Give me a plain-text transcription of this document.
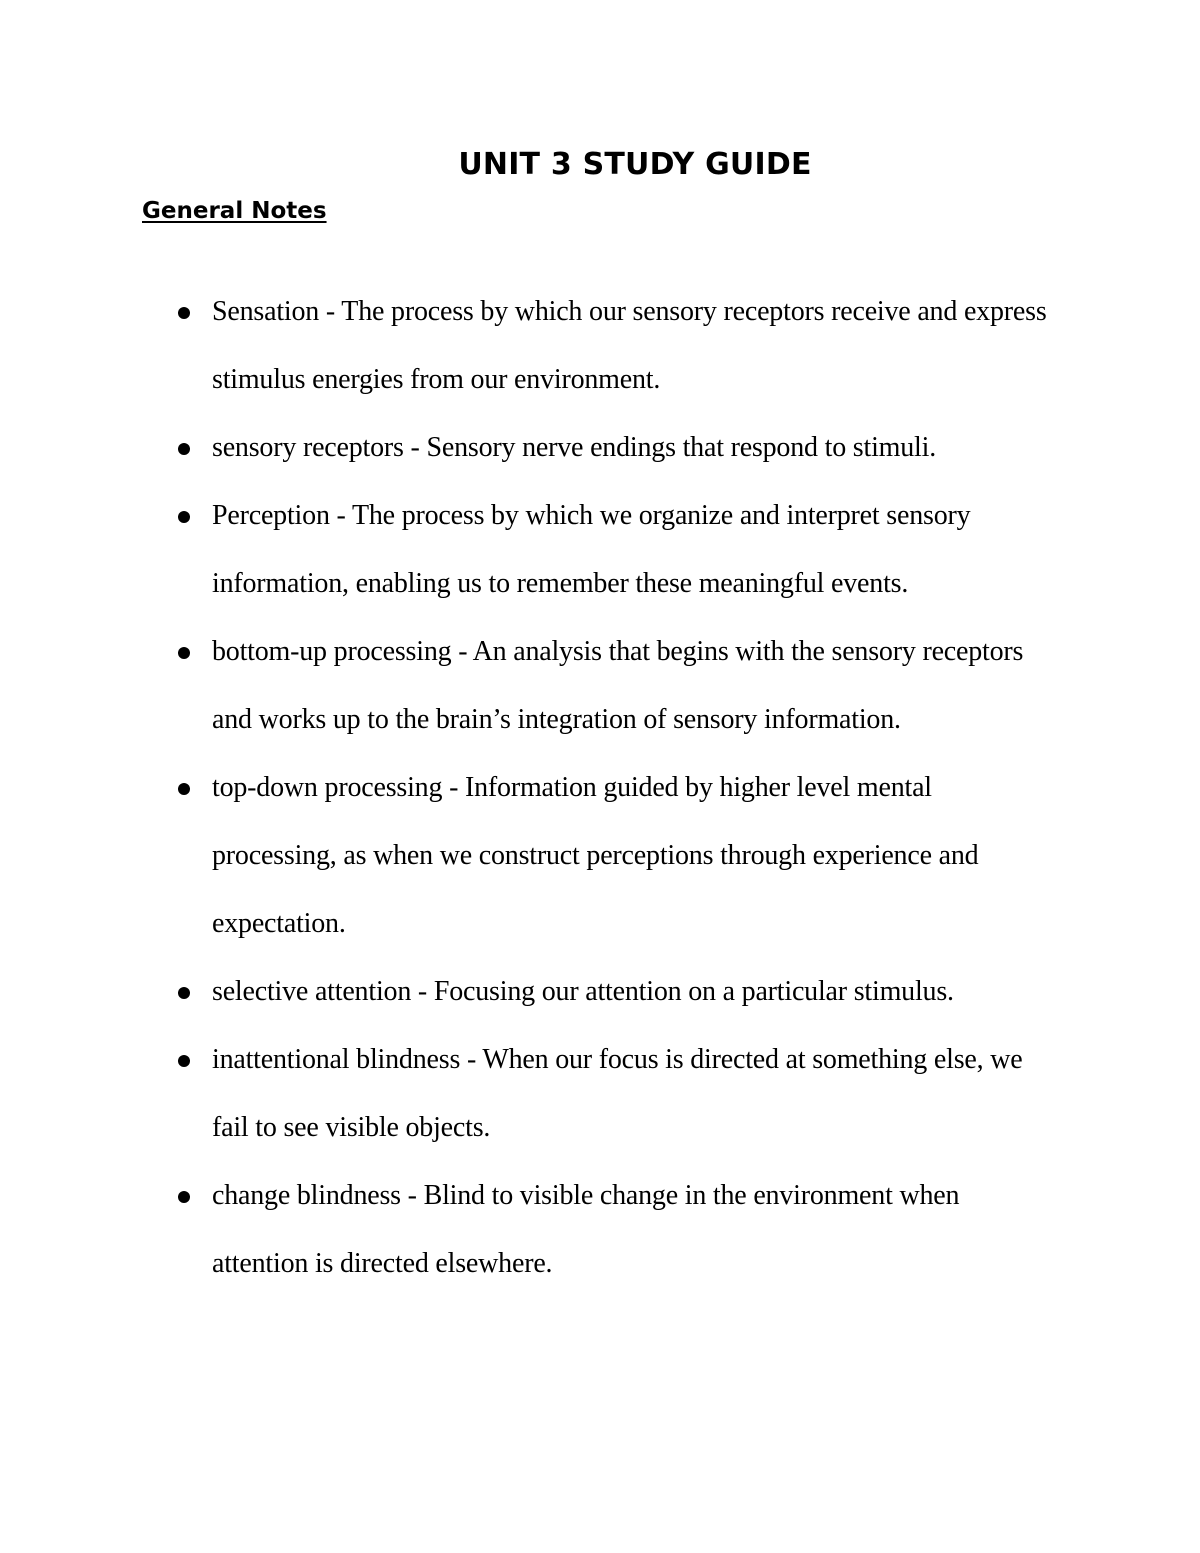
UNIT 3 STUDY GUIDE
General Notes
Sensation - The process by which our sensory receptors receive and express stimulus energies from our environment.
sensory receptors - Sensory nerve endings that respond to stimuli.
Perception - The process by which we organize and interpret sensory information, enabling us to remember these meaningful events.
bottom-up processing - An analysis that begins with the sensory receptors and works up to the brain’s integration of sensory information.
top-down processing - Information guided by higher level mental processing, as when we construct perceptions through experience and expectation.
selective attention - Focusing our attention on a particular stimulus.
inattentional blindness - When our focus is directed at something else, we fail to see visible objects.
change blindness - Blind to visible change in the environment when attention is directed elsewhere.
